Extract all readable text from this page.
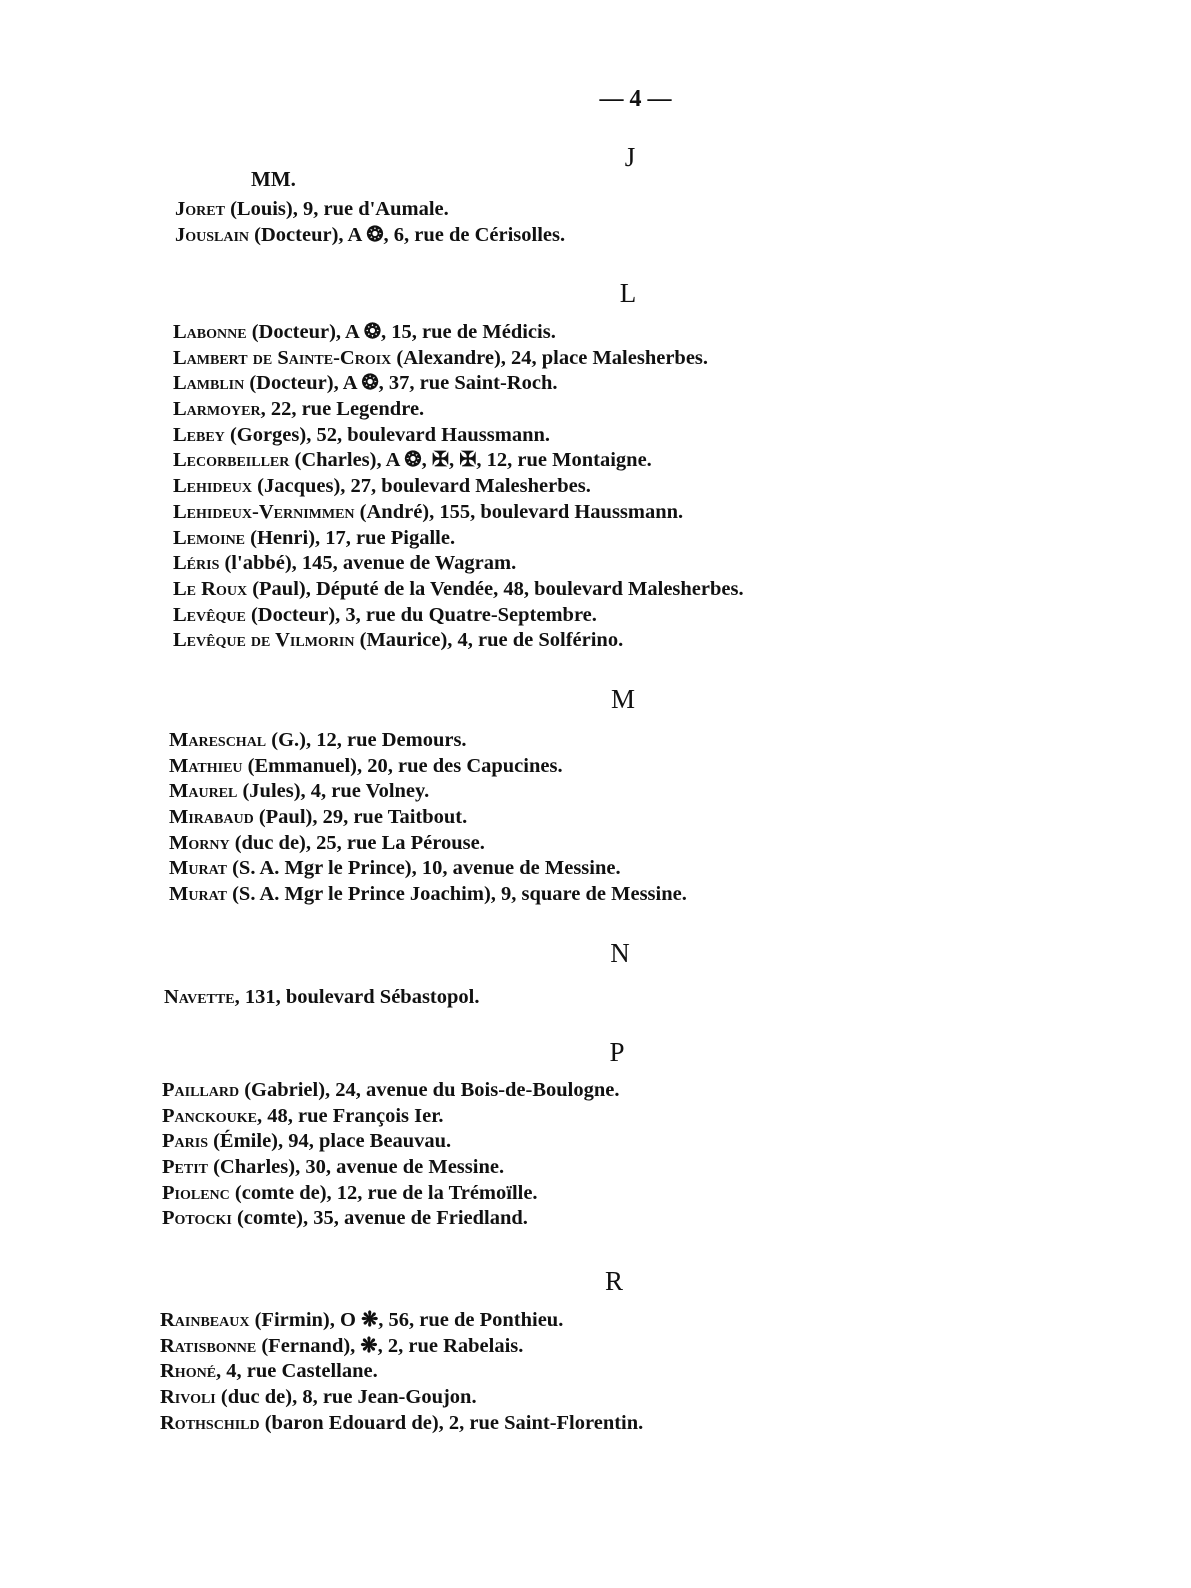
— 4 —
MM.
J
Joret (Louis), 9, rue d'Aumale.
Jouslain (Docteur), A ❂, 6, rue de Cérisolles.
L
Labonne (Docteur), A ❂, 15, rue de Médicis.
Lambert de Sainte-Croix (Alexandre), 24, place Malesherbes.
Lamblin (Docteur), A ❂, 37, rue Saint-Roch.
Larmoyer, 22, rue Legendre.
Lebey (Gorges), 52, boulevard Haussmann.
Lecorbeiller (Charles), A ❂, ✠, ✠, 12, rue Montaigne.
Lehideux (Jacques), 27, boulevard Malesherbes.
Lehideux-Vernimmen (André), 155, boulevard Haussmann.
Lemoine (Henri), 17, rue Pigalle.
Léris (l'abbé), 145, avenue de Wagram.
Le Roux (Paul), Député de la Vendée, 48, boulevard Malesherbes.
Levêque (Docteur), 3, rue du Quatre-Septembre.
Levêque de Vilmorin (Maurice), 4, rue de Solférino.
M
Mareschal (G.), 12, rue Demours.
Mathieu (Emmanuel), 20, rue des Capucines.
Maurel (Jules), 4, rue Volney.
Mirabaud (Paul), 29, rue Taitbout.
Morny (duc de), 25, rue La Pérouse.
Murat (S. A. Mgr le Prince), 10, avenue de Messine.
Murat (S. A. Mgr le Prince Joachim), 9, square de Messine.
N
Navette, 131, boulevard Sébastopol.
P
Paillard (Gabriel), 24, avenue du Bois-de-Boulogne.
Panckouke, 48, rue François Ier.
Paris (Émile), 94, place Beauvau.
Petit (Charles), 30, avenue de Messine.
Piolenc (comte de), 12, rue de la Trémoïlle.
Potocki (comte), 35, avenue de Friedland.
R
Rainbeaux (Firmin), O ❋, 56, rue de Ponthieu.
Ratisbonne (Fernand), ❋, 2, rue Rabelais.
Rhoné, 4, rue Castellane.
Rivoli (duc de), 8, rue Jean-Goujon.
Rothschild (baron Edouard de), 2, rue Saint-Florentin.
